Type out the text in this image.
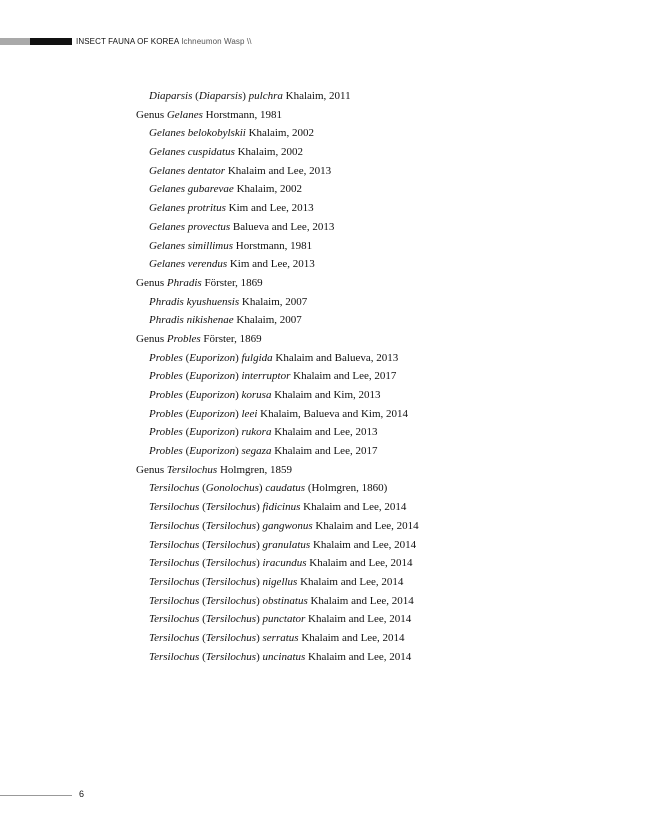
INSECT FAUNA OF KOREA Ichneumon Wasp \\
Diaparsis (Diaparsis) pulchra Khalaim, 2011
Genus Gelanes Horstmann, 1981
Gelanes belokobylskii Khalaim, 2002
Gelanes cuspidatus Khalaim, 2002
Gelanes dentator Khalaim and Lee, 2013
Gelanes gubarevae Khalaim, 2002
Gelanes protritus Kim and Lee, 2013
Gelanes provectus Balueva and Lee, 2013
Gelanes simillimus Horstmann, 1981
Gelanes verendus Kim and Lee, 2013
Genus Phradis Förster, 1869
Phradis kyushuensis Khalaim, 2007
Phradis nikishenae Khalaim, 2007
Genus Probles Förster, 1869
Probles (Euporizon) fulgida Khalaim and Balueva, 2013
Probles (Euporizon) interruptor Khalaim and Lee, 2017
Probles (Euporizon) korusa Khalaim and Kim, 2013
Probles (Euporizon) leei Khalaim, Balueva and Kim, 2014
Probles (Euporizon) rukora Khalaim and Lee, 2013
Probles (Euporizon) segaza Khalaim and Lee, 2017
Genus Tersilochus Holmgren, 1859
Tersilochus (Gonolochus) caudatus (Holmgren, 1860)
Tersilochus (Tersilochus) fidicinus Khalaim and Lee, 2014
Tersilochus (Tersilochus) gangwonus Khalaim and Lee, 2014
Tersilochus (Tersilochus) granulatus Khalaim and Lee, 2014
Tersilochus (Tersilochus) iracundus Khalaim and Lee, 2014
Tersilochus (Tersilochus) nigellus Khalaim and Lee, 2014
Tersilochus (Tersilochus) obstinatus Khalaim and Lee, 2014
Tersilochus (Tersilochus) punctator Khalaim and Lee, 2014
Tersilochus (Tersilochus) serratus Khalaim and Lee, 2014
Tersilochus (Tersilochus) uncinatus Khalaim and Lee, 2014
6
